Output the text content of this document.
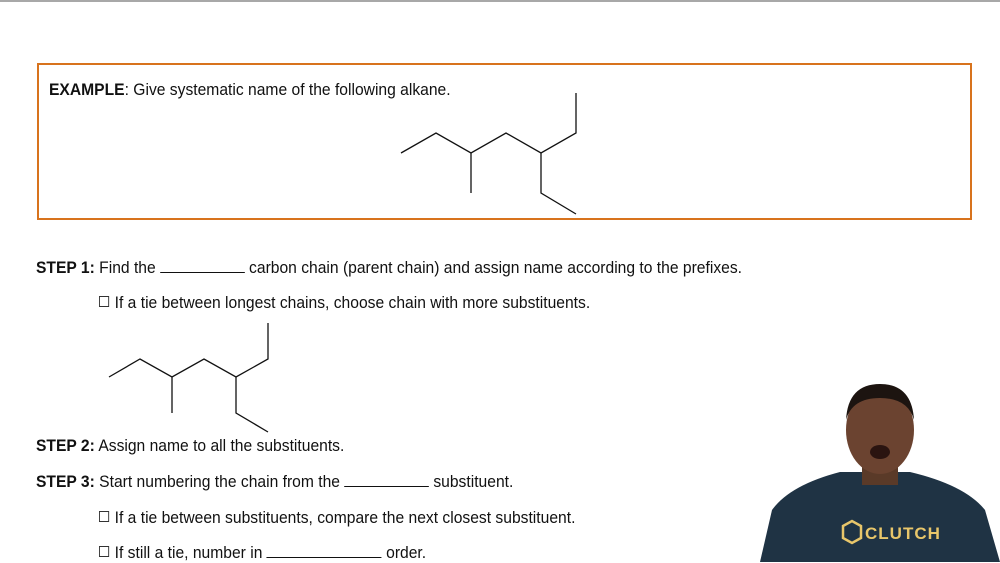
EXAMPLE: Give systematic name of the following alkane.
STEP 1: Find the	carbon chain (parent chain) and assign name according to the prefixes.
If a tie between longest chains, choose chain with more substituents.
STEP 2: Assign name to all the substituents.
STEP 3: Start numbering the chain from the	substituent.
If a tie between substituents, compare the next closest substituent.
If still a tie, number in	order.
CLUTCH
